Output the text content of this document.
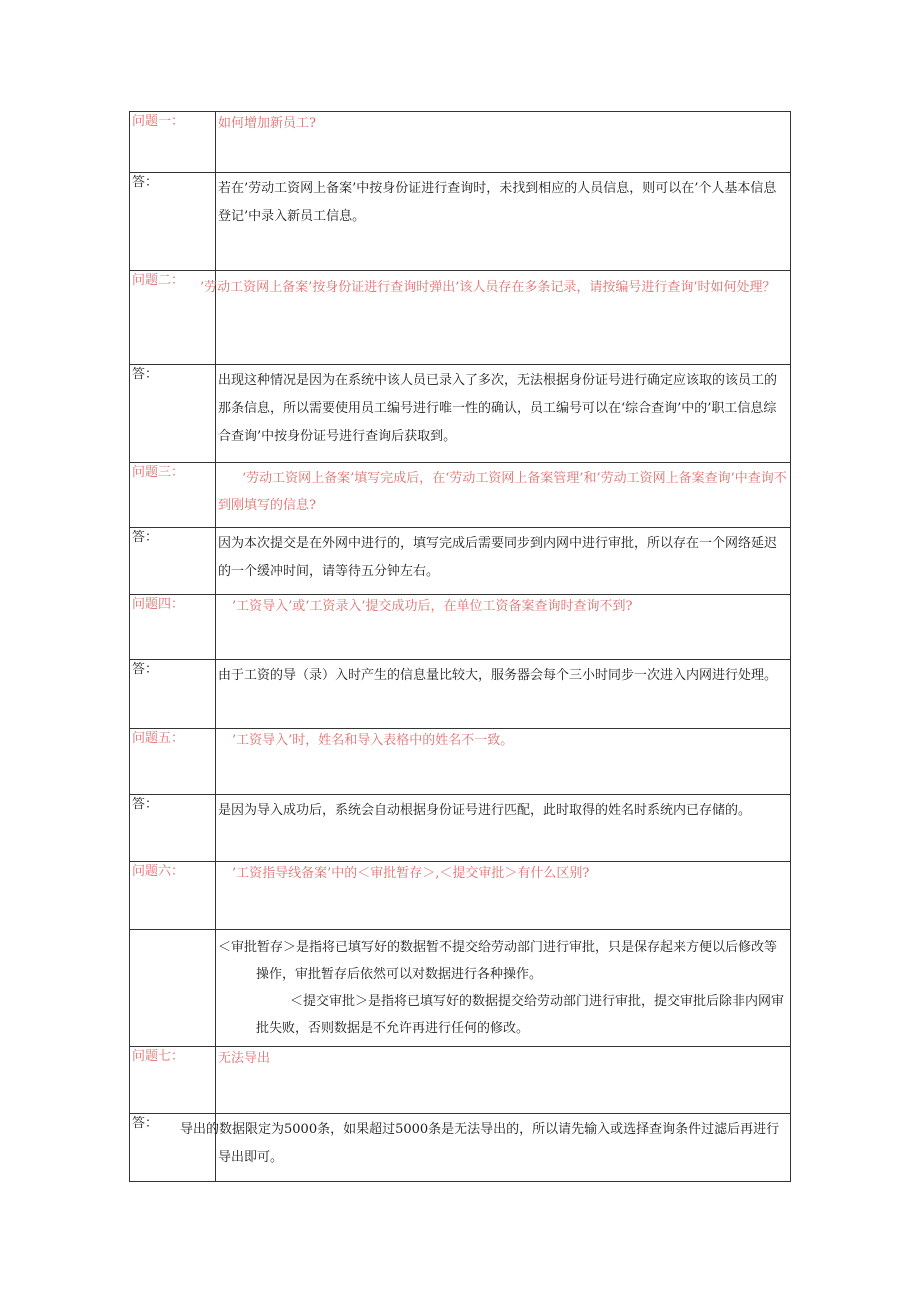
问题一：	如何增加新员工?
答：	若在’劳动工资网上备案’中按身份证进行查询时，未找到相应的人员信息，则可以在’个人基本信息登记’中录入新员工信息。
问题二：	’劳动工资网上备案’按身份证进行查询时弹出’该人员存在多条记录，请按编号进行查询’时如何处理？
答：	出现这种情况是因为在系统中该人员已录入了多次，无法根据身份证号进行确定应该取的该员工的那条信息，所以需要使用员工编号进行唯一性的确认，员工编号可以在‘综合查询’中的’职工信息综合查询’中按身份证号进行查询后获取到。
问题三：	‘劳动工资网上备案’填写完成后，在‘劳动工资网上备案管理’和’劳动工资网上备案查询’中查询不到刚填写的信息?
答：	因为本次提交是在外网中进行的，填写完成后需要同步到内网中进行审批，所以存在一个网络延迟的一个缓冲时间，请等待五分钟左右。
问题四：	’工资导入’或‘工资录入’提交成功后，在单位工资备案查询时查询不到?
答：	由于工资的导（录）入时产生的信息量比较大，服务器会每个三小时同步一次进入内网进行处理。
问题五：	’工资导入’时，姓名和导入表格中的姓名不一致。
答：	是因为导入成功后，系统会自动根据身份证号进行匹配，此时取得的姓名时系统内已存储的。
问题六：	’工资指导线备案’中的＜审批暂存＞,＜提交审批＞有什么区别?

	＜审批暂存＞是指将已填写好的数据暂不提交给劳动部门进行审批，只是保存起来方便以后修改等操作，审批暂存后依然可以对数据进行各种操作。

＜提交审批＞是指将已填写好的数据提交给劳动部门进行审批，提交审批后除非内网审批失败，否则数据是不允许再进行任何的修改。

问题七：	无法导出
答：	导出的数据限定为5000条，如果超过5000条是无法导出的，所以请先输入或选择查询条件过滤后再进行导出即可。
